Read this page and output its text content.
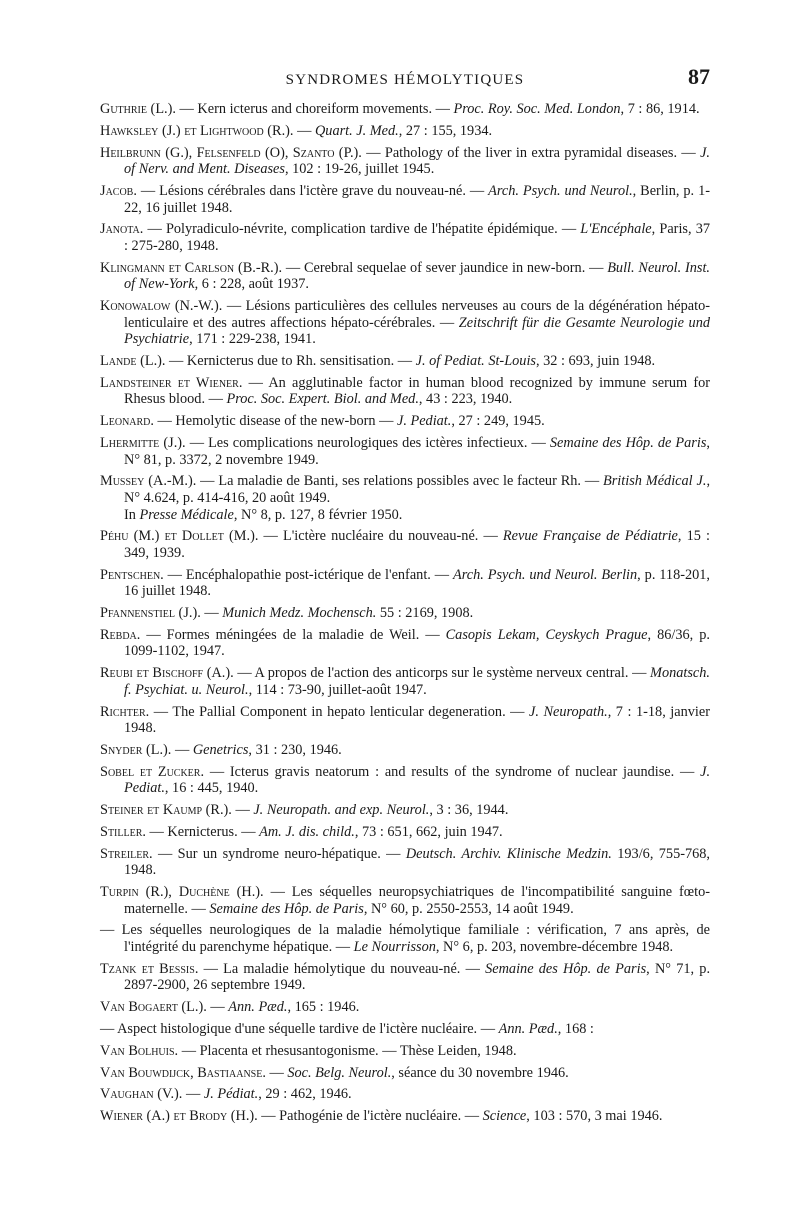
SYNDROMES HÉMOLYTIQUES	87

Guthrie (L.). — Kern icterus and choreiform movements. — Proc. Roy. Soc. Med. London, 7 : 86, 1914.

Hawksley (J.) et Lightwood (R.). — Quart. J. Med., 27 : 155, 1934.

Heilbrunn (G.), Felsenfeld (O), Szanto (P.). — Pathology of the liver in extra pyramidal diseases. — J. of Nerv. and Ment. Diseases, 102 : 19-26, juillet 1945.

Jacob. — Lésions cérébrales dans l'ictère grave du nouveau-né. — Arch. Psych. und Neurol., Berlin, p. 1-22, 16 juillet 1948.

Janota. — Polyradiculo-névrite, complication tardive de l'hépatite épidémique. — L'Encéphale, Paris, 37 : 275-280, 1948.

Klingmann et Carlson (B.-R.). — Cerebral sequelae of sever jaundice in new-born. — Bull. Neurol. Inst. of New-York, 6 : 228, août 1937.

Konowalow (N.-W.). — Lésions particulières des cellules nerveuses au cours de la dégénération hépato-lenticulaire et des autres affections hépato-cérébrales. — Zeitschrift für die Gesamte Neurologie und Psychiatrie, 171 : 229-238, 1941.

Lande (L.). — Kernicterus due to Rh. sensitisation. — J. of Pediat. St-Louis, 32 : 693, juin 1948.

Landsteiner et Wiener. — An agglutinable factor in human blood recognized by immune serum for Rhesus blood. — Proc. Soc. Expert. Biol. and Med., 43 : 223, 1940.

Leonard. — Hemolytic disease of the new-born — J. Pediat., 27 : 249, 1945.

Lhermitte (J.). — Les complications neurologiques des ictères infectieux. — Semaine des Hôp. de Paris, N° 81, p. 3372, 2 novembre 1949.

Mussey (A.-M.). — La maladie de Banti, ses relations possibles avec le facteur Rh. — British Médical J., N° 4.624, p. 414-416, 20 août 1949.
In Presse Médicale, N° 8, p. 127, 8 février 1950.

Péhu (M.) et Dollet (M.). — L'ictère nucléaire du nouveau-né. — Revue Française de Pédiatrie, 15 : 349, 1939.

Pentschen. — Encéphalopathie post-ictérique de l'enfant. — Arch. Psych. und Neurol. Berlin, p. 118-201, 16 juillet 1948.

Pfannenstiel (J.). — Munich Medz. Mochensch. 55 : 2169, 1908.

Rebda. — Formes méningées de la maladie de Weil. — Casopis Lekam, Ceyskych Prague, 86/36, p. 1099-1102, 1947.

Reubi et Bischoff (A.). — A propos de l'action des anticorps sur le système nerveux central. — Monatsch. f. Psychiat. u. Neurol., 114 : 73-90, juillet-août 1947.

Richter. — The Pallial Component in hepato lenticular degeneration. — J. Neuropath., 7 : 1-18, janvier 1948.

Snyder (L.). — Genetrics, 31 : 230, 1946.

Sobel et Zucker. — Icterus gravis neatorum : and results of the syndrome of nuclear jaundise. — J. Pediat., 16 : 445, 1940.

Steiner et Kaump (R.). — J. Neuropath. and exp. Neurol., 3 : 36, 1944.

Stiller. — Kernicterus. — Am. J. dis. child., 73 : 651, 662, juin 1947.

Streiler. — Sur un syndrome neuro-hépatique. — Deutsch. Archiv. Klinische Medzin. 193/6, 755-768, 1948.

Turpin (R.), Duchène (H.). — Les séquelles neuropsychiatriques de l'incompatibilité sanguine fœto-maternelle. — Semaine des Hôp. de Paris, N° 60, p. 2550-2553, 14 août 1949.

— Les séquelles neurologiques de la maladie hémolytique familiale : vérification, 7 ans après, de l'intégrité du parenchyme hépatique. — Le Nourrisson, N° 6, p. 203, novembre-décembre 1948.

Tzank et Bessis. — La maladie hémolytique du nouveau-né. — Semaine des Hôp. de Paris, N° 71, p. 2897-2900, 26 septembre 1949.

Van Bogaert (L.). — Ann. Pæd., 165 : 1946.

— Aspect histologique d'une séquelle tardive de l'ictère nucléaire. — Ann. Pæd., 168 :

Van Bolhuis. — Placenta et rhesusantogonisme. — Thèse Leiden, 1948.

Van Bouwdijck, Bastiaanse. — Soc. Belg. Neurol., séance du 30 novembre 1946.

Vaughan (V.). — J. Pédiat., 29 : 462, 1946.

Wiener (A.) et Brody (H.). — Pathogénie de l'ictère nucléaire. — Science, 103 : 570, 3 mai 1946.
